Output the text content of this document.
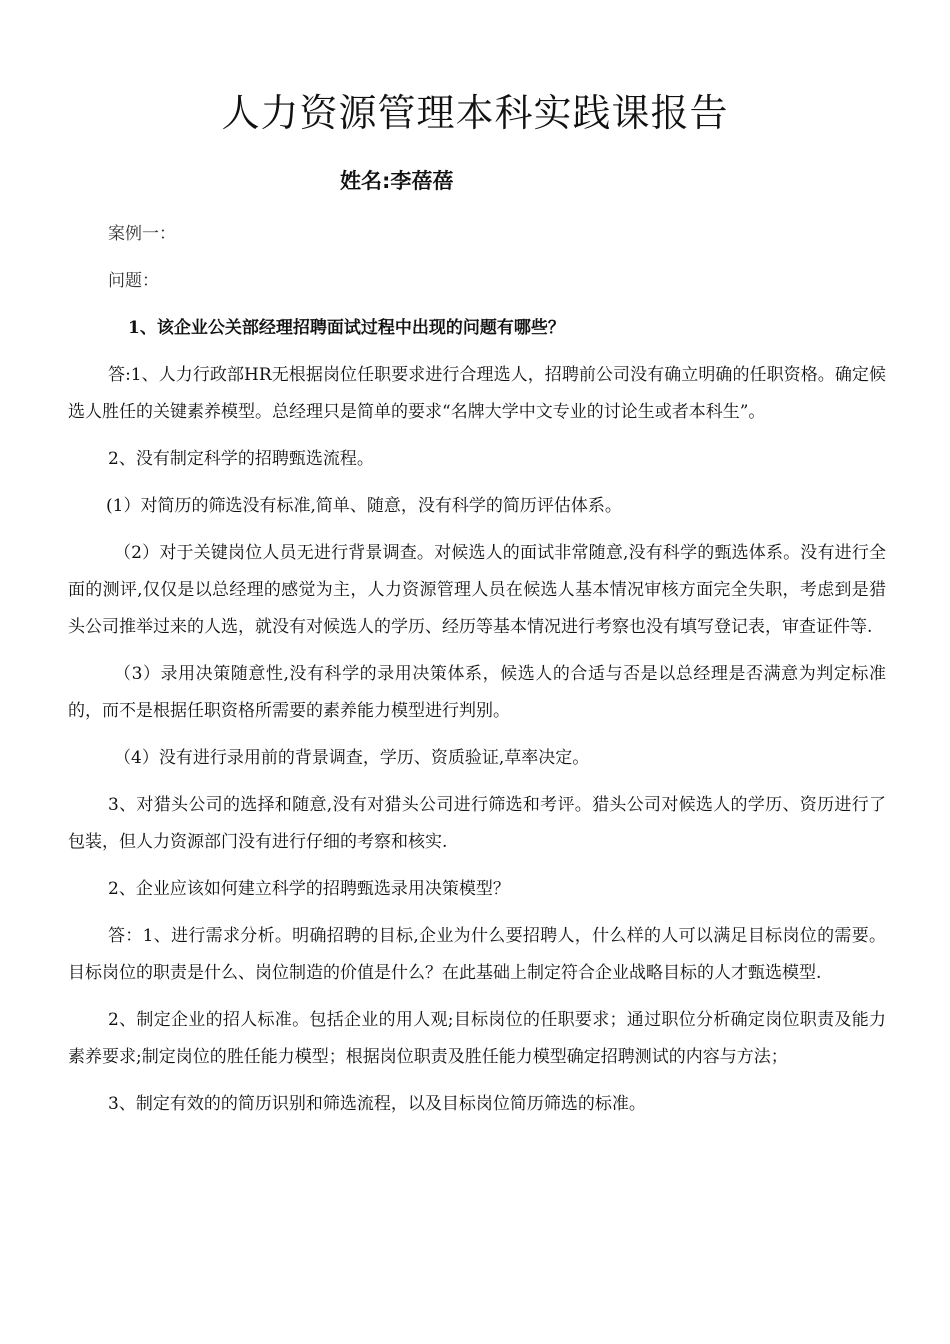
人力资源管理本科实践课报告
姓名:李蓓蓓

案例一：

问题：

1、该企业公关部经理招聘面试过程中出现的问题有哪些？

答:1、人力行政部HR无根据岗位任职要求进行合理选人，招聘前公司没有确立明确的任职资格。确定候选人胜任的关键素养模型。总经理只是简单的要求“名牌大学中文专业的讨论生或者本科生”。

2、没有制定科学的招聘甄选流程。

(1）对简历的筛选没有标准,简单、随意，没有科学的简历评估体系。

（2）对于关键岗位人员无进行背景调查。对候选人的面试非常随意,没有科学的甄选体系。没有进行全面的测评,仅仅是以总经理的感觉为主，人力资源管理人员在候选人基本情况审核方面完全失职，考虑到是猎头公司推举过来的人选，就没有对候选人的学历、经历等基本情况进行考察也没有填写登记表，审查证件等.

（3）录用决策随意性,没有科学的录用决策体系，候选人的合适与否是以总经理是否满意为判定标准的，而不是根据任职资格所需要的素养能力模型进行判别。

（4）没有进行录用前的背景调查，学历、资质验证,草率决定。

3、对猎头公司的选择和随意,没有对猎头公司进行筛选和考评。猎头公司对候选人的学历、资历进行了包装，但人力资源部门没有进行仔细的考察和核实.

2、企业应该如何建立科学的招聘甄选录用决策模型？

答：1、进行需求分析。明确招聘的目标,企业为什么要招聘人，什么样的人可以满足目标岗位的需要。目标岗位的职责是什么、岗位制造的价值是什么？在此基础上制定符合企业战略目标的人才甄选模型.

2、制定企业的招人标准。包括企业的用人观;目标岗位的任职要求；通过职位分析确定岗位职责及能力素养要求;制定岗位的胜任能力模型；根据岗位职责及胜任能力模型确定招聘测试的内容与方法；

3、制定有效的的简历识别和筛选流程，以及目标岗位简历筛选的标准。
